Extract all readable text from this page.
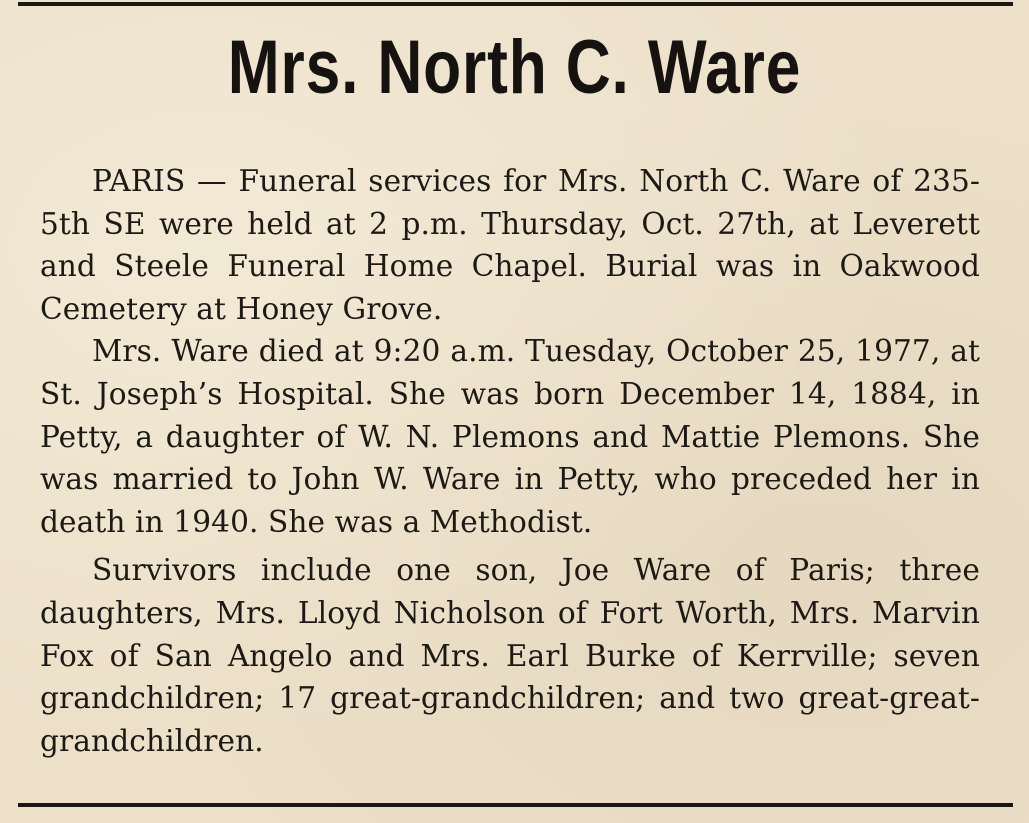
Mrs. North C. Ware

PARIS — Funeral services for Mrs. North C. Ware of 235-5th SE were held at 2 p.m. Thursday, Oct. 27th, at Leverett and Steele Funeral Home Chapel. Burial was in Oakwood Cemetery at Honey Grove.

Mrs. Ware died at 9:20 a.m. Tuesday, October 25, 1977, at St. Joseph’s Hospital. She was born December 14, 1884, in Petty, a daughter of W. N. Plemons and Mattie Plemons. She was married to John W. Ware in Petty, who preceded her in death in 1940. She was a Methodist.

Survivors include one son, Joe Ware of Paris; three daughters, Mrs. Lloyd Nicholson of Fort Worth, Mrs. Marvin Fox of San Angelo and Mrs. Earl Burke of Kerrville; seven grandchildren; 17 great-grandchildren; and two great-great-grandchildren.
